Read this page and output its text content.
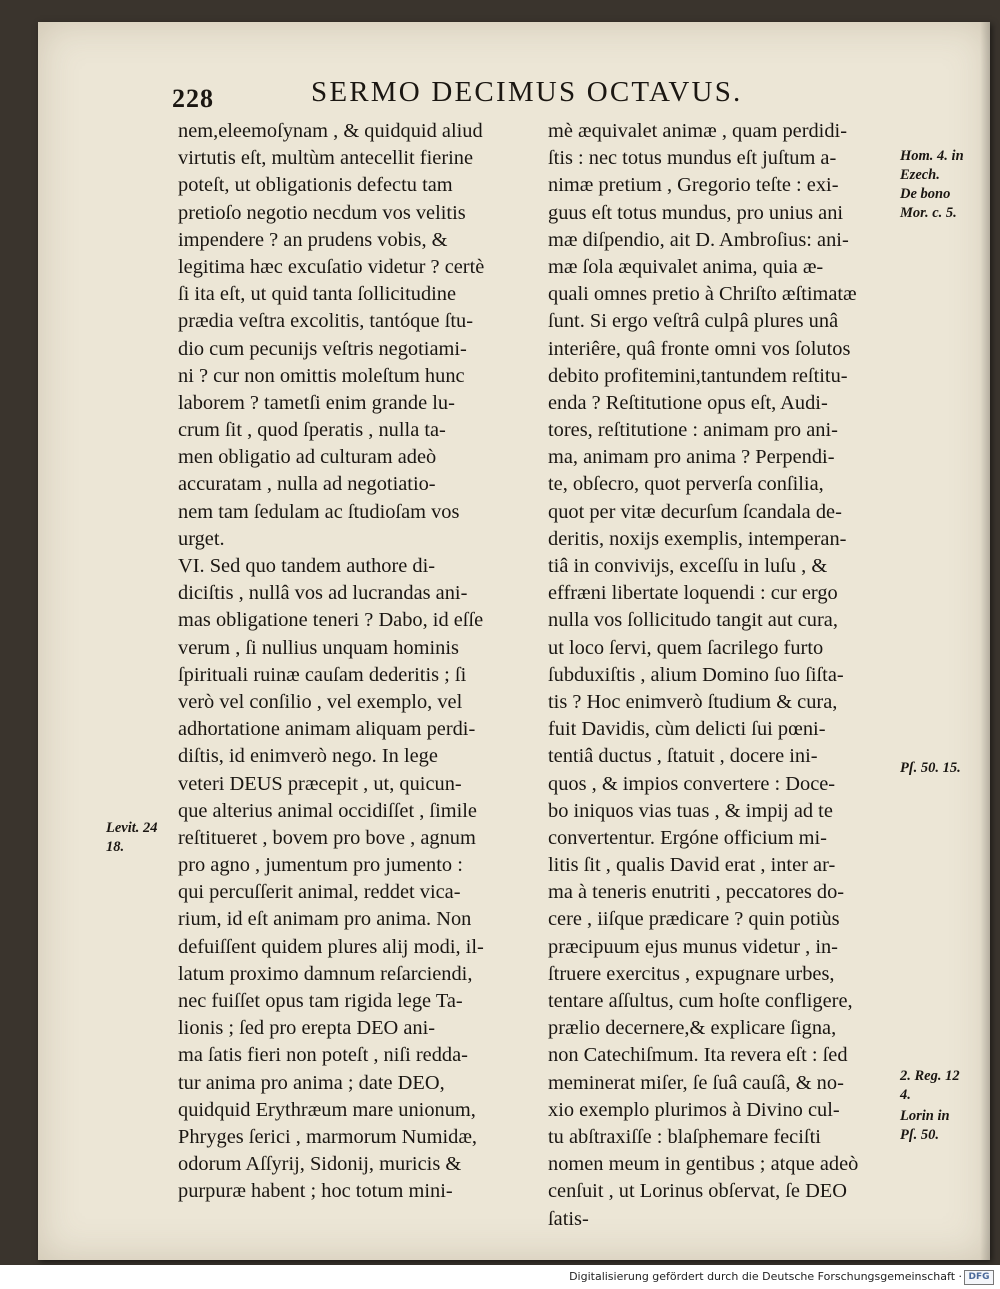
228	SERMO DECIMUS OCTAVUS.
nem,eleemoſynam , & quidquid aliud
virtutis eſt, multùm antecellit fierine
poteſt, ut obligationis defectu tam
pretioſo negotio necdum vos velitis
impendere ? an prudens vobis, &
legitima hæc excuſatio videtur ? certè
ſi ita eſt, ut quid tanta ſollicitudine
prædia veſtra excolitis, tantóque ſtu-
dio cum pecunijs veſtris negotiami-
ni ? cur non omittis moleſtum hunc
laborem ? tametſi enim grande lu-
crum ſit , quod ſperatis , nulla ta-
men obligatio ad culturam adeò
accuratam , nulla ad negotiatio-
nem tam ſedulam ac ſtudioſam vos
urget.
VI. Sed quo tandem authore di-
diciſtis , nullâ vos ad lucrandas ani-
mas obligatione teneri ? Dabo, id eſſe
verum , ſi nullius unquam hominis
ſpirituali ruinæ cauſam dederitis ; ſi
verò vel conſilio , vel exemplo, vel
adhortatione animam aliquam perdi-
diſtis, id enimverò nego. In lege
veteri DEUS præcepit , ut, quicun-
que alterius animal occidiſſet , ſimile
reſtitueret , bovem pro bove , agnum
pro agno , jumentum pro jumento :
qui percuſſerit animal, reddet vica-
rium, id eſt animam pro anima. Non
defuiſſent quidem plures alij modi, il-
latum proximo damnum reſarciendi,
nec fuiſſet opus tam rigida lege Ta-
lionis ; ſed pro erepta DEO ani-
ma ſatis fieri non poteſt , niſi redda-
tur anima pro anima ; date DEO,
quidquid Erythræum mare unionum,
Phryges ſerici , marmorum Numidæ,
odorum Aſſyrij, Sidonij, muricis &
purpuræ habent ; hoc totum mini-
mè æquivalet animæ , quam perdidi-
ſtis : nec totus mundus eſt juſtum a-
nimæ pretium , Gregorio teſte : exi-
guus eſt totus mundus, pro unius ani
mæ diſpendio, ait D. Ambroſius: ani-
mæ ſola æquivalet anima, quia æ-
quali omnes pretio à Chriſto æſtimatæ
ſunt. Si ergo veſtrâ culpâ plures unâ
interiêre, quâ fronte omni vos ſolutos
debito profitemini,tantundem reſtitu-
enda ? Reſtitutione opus eſt, Audi-
tores, reſtitutione : animam pro ani-
ma, animam pro anima ? Perpendi-
te, obſecro, quot perverſa conſilia,
quot per vitæ decurſum ſcandala de-
deritis, noxijs exemplis, intemperan-
tiâ in convivijs, exceſſu in luſu , &
effræni libertate loquendi : cur ergo
nulla vos ſollicitudo tangit aut cura,
ut loco ſervi, quem ſacrilego furto
ſubduxiſtis , alium Domino ſuo ſiſta-
tis ? Hoc enimverò ſtudium & cura,
fuit Davidis, cùm delicti ſui pœni-
tentiâ ductus , ſtatuit , docere ini-
quos , & impios convertere : Doce-
bo iniquos vias tuas , & impij ad te
convertentur. Ergóne officium mi-
litis ſit , qualis David erat , inter ar-
ma à teneris enutriti , peccatores do-
cere , iiſque prædicare ? quin potiùs
præcipuum ejus munus videtur , in-
ſtruere exercitus , expugnare urbes,
tentare aſſultus, cum hoſte confligere,
prælio decernere,& explicare ſigna,
non Catechiſmum. Ita revera eſt : ſed
meminerat miſer, ſe ſuâ cauſâ, & no-
xio exemplo plurimos à Divino cul-
tu abſtraxiſſe : blaſphemare feciſti
nomen meum in gentibus ; atque adeò
cenſuit , ut Lorinus obſervat, ſe DEO
ſatis-
Levit. 24
18.
Hom. 4. in
Ezech.
De bono
Mor. c. 5.
Pſ. 50. 15.
2. Reg. 12
4.
Lorin in
Pſ. 50.
Digitalisierung gefördert durch die Deutsche Forschungsgemeinschaft · DFG
